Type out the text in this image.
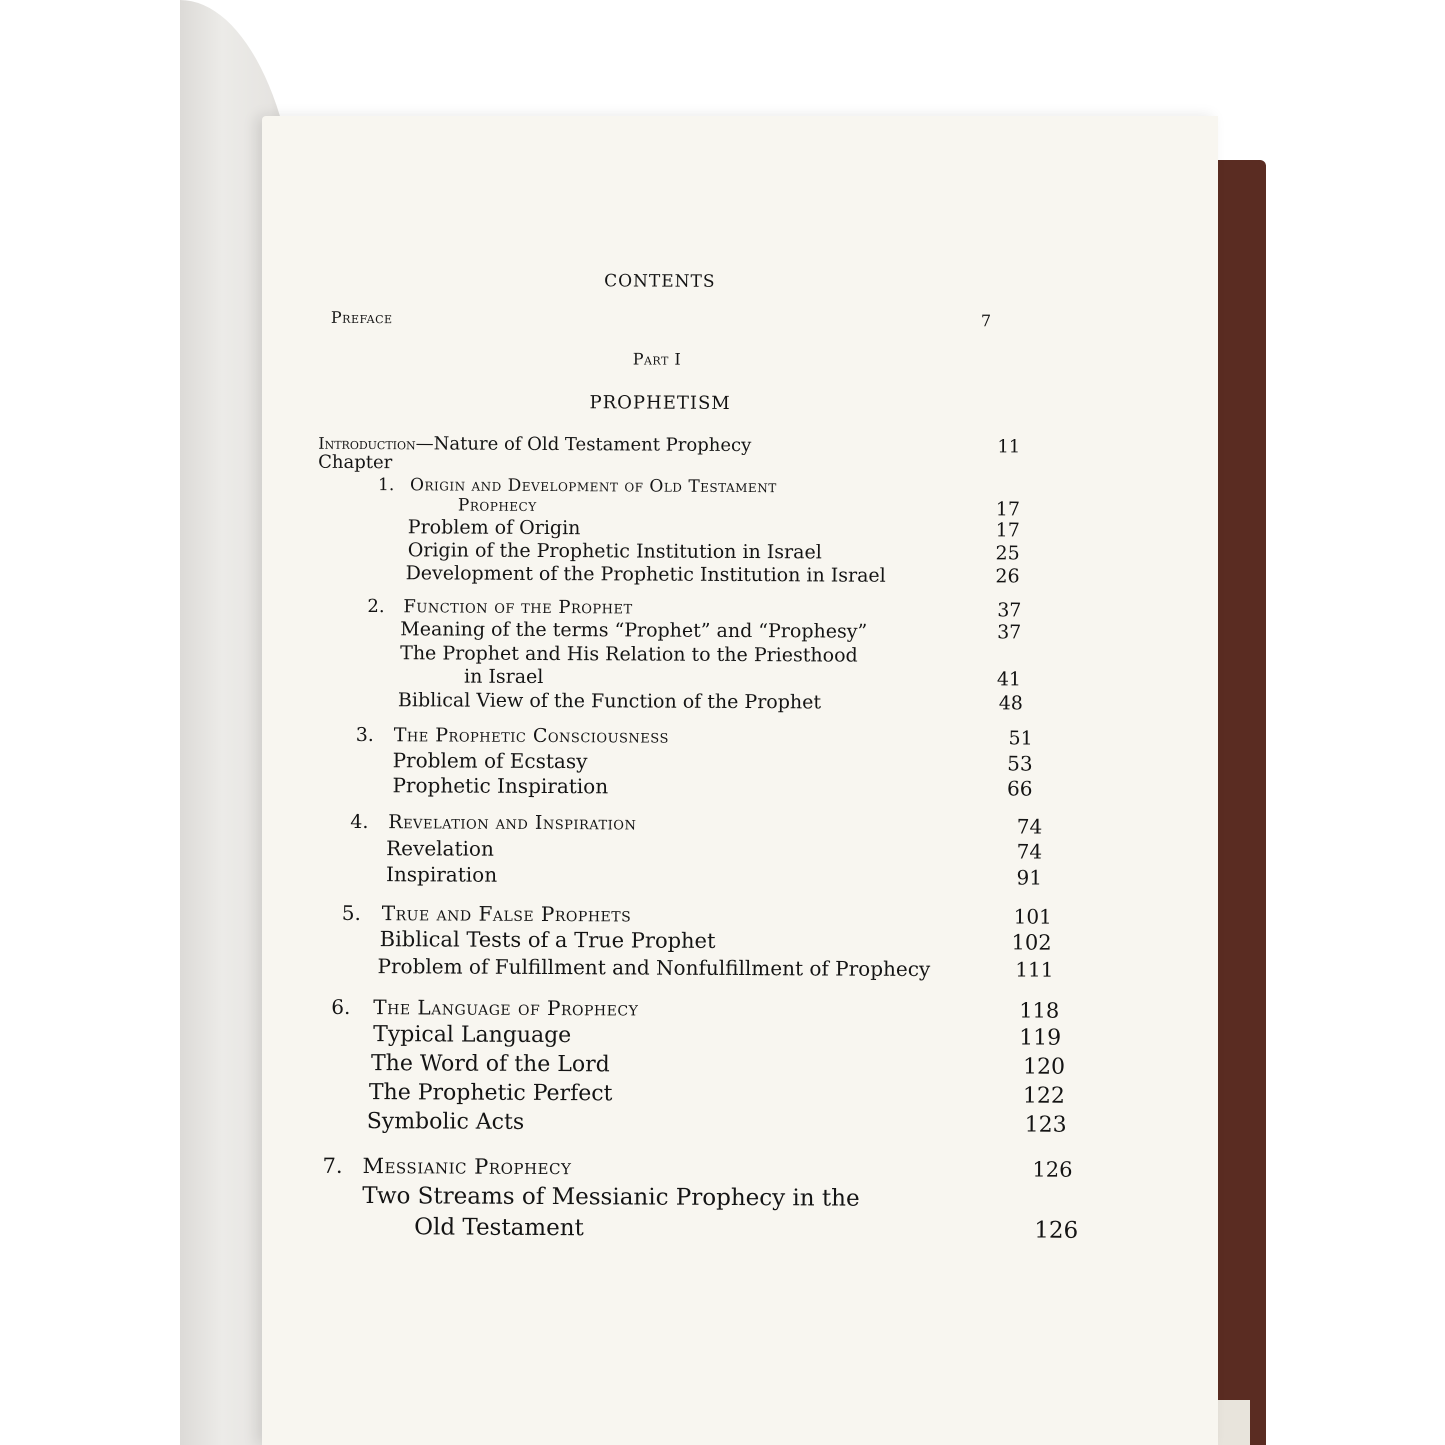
CONTENTS
Preface	7
Part I
PROPHETISM
Introduction—Nature of Old Testament Prophecy	11
Chapter
1. Origin and Development of Old Testament
Prophecy	17
Problem of Origin	17
Origin of the Prophetic Institution in Israel	25
Development of the Prophetic Institution in Israel	26
2. Function of the Prophet	37
Meaning of the terms “Prophet” and “Prophesy”	37
The Prophet and His Relation to the Priesthood
in Israel	41
Biblical View of the Function of the Prophet	48
3. The Prophetic Consciousness	51
Problem of Ecstasy	53
Prophetic Inspiration	66
4. Revelation and Inspiration	74
Revelation	74
Inspiration	91
5. True and False Prophets	101
Biblical Tests of a True Prophet	102
Problem of Fulfillment and Nonfulfillment of Prophecy	111
6. The Language of Prophecy	118
Typical Language	119
The Word of the Lord	120
The Prophetic Perfect	122
Symbolic Acts	123
7. Messianic Prophecy	126
Two Streams of Messianic Prophecy in the
Old Testament	126
